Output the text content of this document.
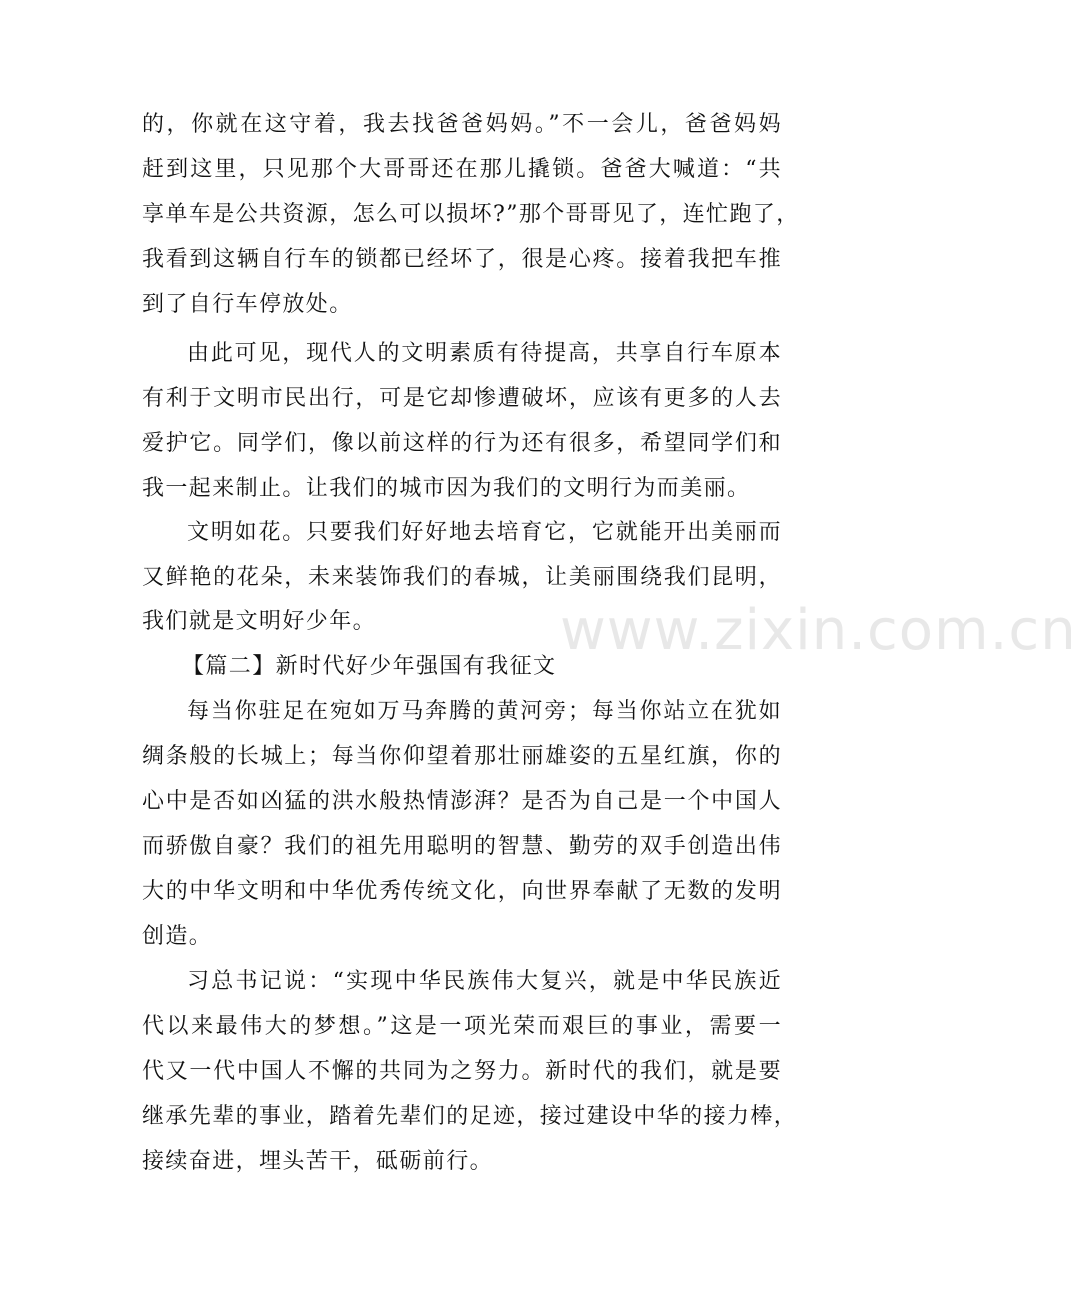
的，你就在这守着，我去找爸爸妈妈。”不一会儿，爸爸妈妈
赶到这里，只见那个大哥哥还在那儿撬锁。爸爸大喊道：“共
享单车是公共资源，怎么可以损坏?”那个哥哥见了，连忙跑了，
我看到这辆自行车的锁都已经坏了，很是心疼。接着我把车推
到了自行车停放处。
由此可见，现代人的文明素质有待提高，共享自行车原本
有利于文明市民出行，可是它却惨遭破坏，应该有更多的人去
爱护它。同学们，像以前这样的行为还有很多，希望同学们和
我一起来制止。让我们的城市因为我们的文明行为而美丽。
文明如花。只要我们好好地去培育它，它就能开出美丽而
又鲜艳的花朵，未来装饰我们的春城，让美丽围绕我们昆明，
我们就是文明好少年。
【篇二】新时代好少年强国有我征文
每当你驻足在宛如万马奔腾的黄河旁；每当你站立在犹如
绸条般的长城上；每当你仰望着那壮丽雄姿的五星红旗，你的
心中是否如凶猛的洪水般热情澎湃？是否为自己是一个中国人
而骄傲自豪？我们的祖先用聪明的智慧、勤劳的双手创造出伟
大的中华文明和中华优秀传统文化，向世界奉献了无数的发明
创造。
习总书记说：“实现中华民族伟大复兴，就是中华民族近
代以来最伟大的梦想。”这是一项光荣而艰巨的事业，需要一
代又一代中国人不懈的共同为之努力。新时代的我们，就是要
继承先辈的事业，踏着先辈们的足迹，接过建设中华的接力棒，
接续奋进，埋头苦干，砥砺前行。
www.zixin.com.cn
